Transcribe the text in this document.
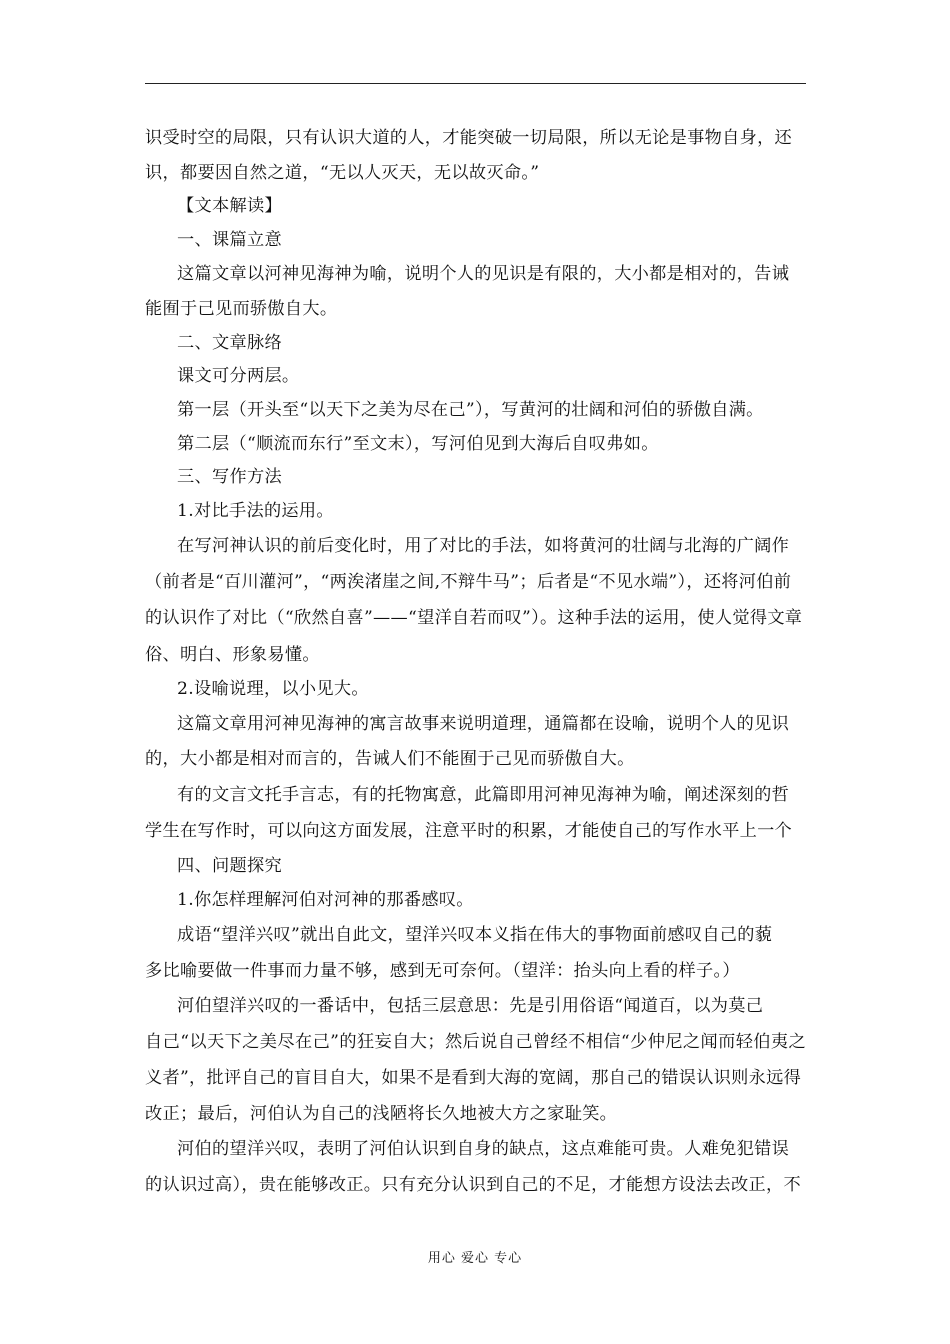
识受时空的局限，只有认识大道的人，才能突破一切局限，所以无论是事物自身，还
识，都要因自然之道，“无以人灭天，无以故灭命。”
【文本解读】
一、课篇立意
这篇文章以河神见海神为喻，说明个人的见识是有限的，大小都是相对的，告诫
能囿于己见而骄傲自大。
二、文章脉络
课文可分两层。
第一层（开头至“以天下之美为尽在己”），写黄河的壮阔和河伯的骄傲自满。
第二层（“顺流而东行”至文末），写河伯见到大海后自叹弗如。
三、写作方法
1.对比手法的运用。
在写河神认识的前后变化时，用了对比的手法，如将黄河的壮阔与北海的广阔作
（前者是“百川灌河”，“两涘渚崖之间,不辩牛马”；后者是“不见水端”），还将河伯前
的认识作了对比（“欣然自喜”——“望洋自若而叹”）。这种手法的运用，使人觉得文章
俗、明白、形象易懂。
2.设喻说理，以小见大。
这篇文章用河神见海神的寓言故事来说明道理，通篇都在设喻，说明个人的见识
的，大小都是相对而言的，告诫人们不能囿于己见而骄傲自大。
有的文言文托手言志，有的托物寓意，此篇即用河神见海神为喻，阐述深刻的哲
学生在写作时，可以向这方面发展，注意平时的积累，才能使自己的写作水平上一个
四、问题探究
1.你怎样理解河伯对河神的那番感叹。
成语“望洋兴叹”就出自此文，望洋兴叹本义指在伟大的事物面前感叹自己的藐
多比喻要做一件事而力量不够，感到无可奈何。（望洋：抬头向上看的样子。）
河伯望洋兴叹的一番话中，包括三层意思：先是引用俗语“闻道百，以为莫己
自己“以天下之美尽在己”的狂妄自大；然后说自己曾经不相信“少仲尼之闻而轻伯夷之
义者”，批评自己的盲目自大，如果不是看到大海的宽阔，那自己的错误认识则永远得
改正；最后，河伯认为自己的浅陋将长久地被大方之家耻笑。
河伯的望洋兴叹，表明了河伯认识到自身的缺点，这点难能可贵。人难免犯错误
的认识过高），贵在能够改正。只有充分认识到自己的不足，才能想方设法去改正，不
用心 爱心 专心
